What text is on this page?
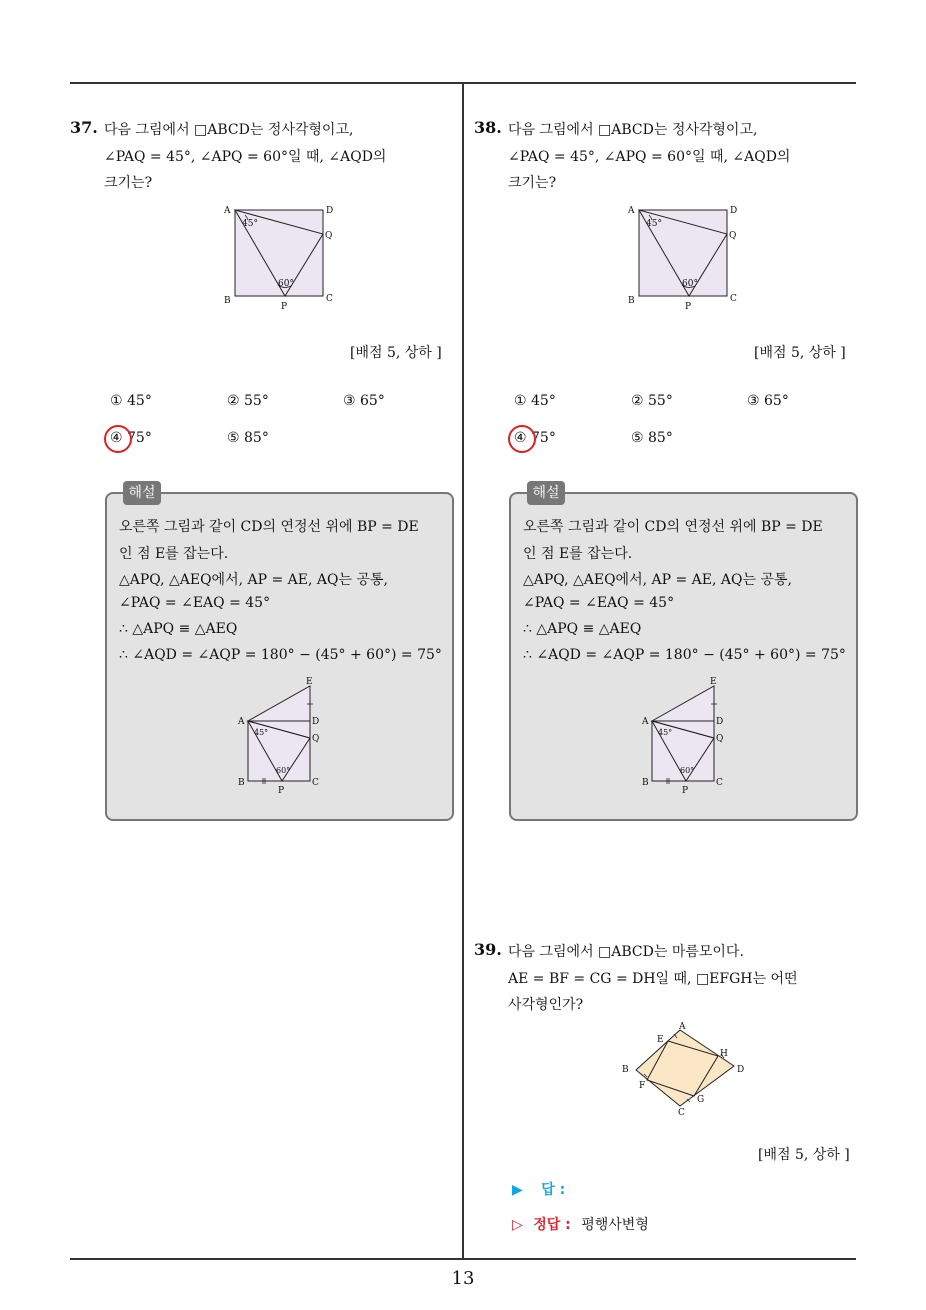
37. 다음 그림에서 □ABCD는 정사각형이고,
∠PAQ = 45°, ∠APQ = 60°일 때, ∠AQD의
크기는?
A	D
Q
B	C
P
45°
60°
[배점 5, 상하 ]
① 45°	② 55°	③ 65°
④ 75°	⑤ 85°
해설
오른쪽 그림과 같이 CD의 연정선 위에 BP = DE
인 점 E를 잡는다.
△APQ, △AEQ에서, AP = AE, AQ는 공통,
∠PAQ = ∠EAQ = 45°
∴ △APQ ≡ △AEQ
∴ ∠AQD = ∠AQP = 180° − (45° + 60°) = 75°
E
A	D
Q
B	C
P
45°
60°
38. 다음 그림에서 □ABCD는 정사각형이고,
∠PAQ = 45°, ∠APQ = 60°일 때, ∠AQD의
크기는?
A	D
Q
B	C
P
45°
60°
[배점 5, 상하 ]
① 45°	② 55°	③ 65°
④ 75°	⑤ 85°
해설
오른쪽 그림과 같이 CD의 연정선 위에 BP = DE
인 점 E를 잡는다.
△APQ, △AEQ에서, AP = AE, AQ는 공통,
∠PAQ = ∠EAQ = 45°
∴ △APQ ≡ △AEQ
∴ ∠AQD = ∠AQP = 180° − (45° + 60°) = 75°
E
A	D
Q
B	C
P
45°
60°
39. 다음 그림에서 □ABCD는 마름모이다.
AE = BF = CG = DH일 때, □EFGH는 어떤
사각형인가?
A
E
H
B	D
F
G
C
[배점 5, 상하 ]
▶ 답 :
▷ 정답 : 평행사변형
13
